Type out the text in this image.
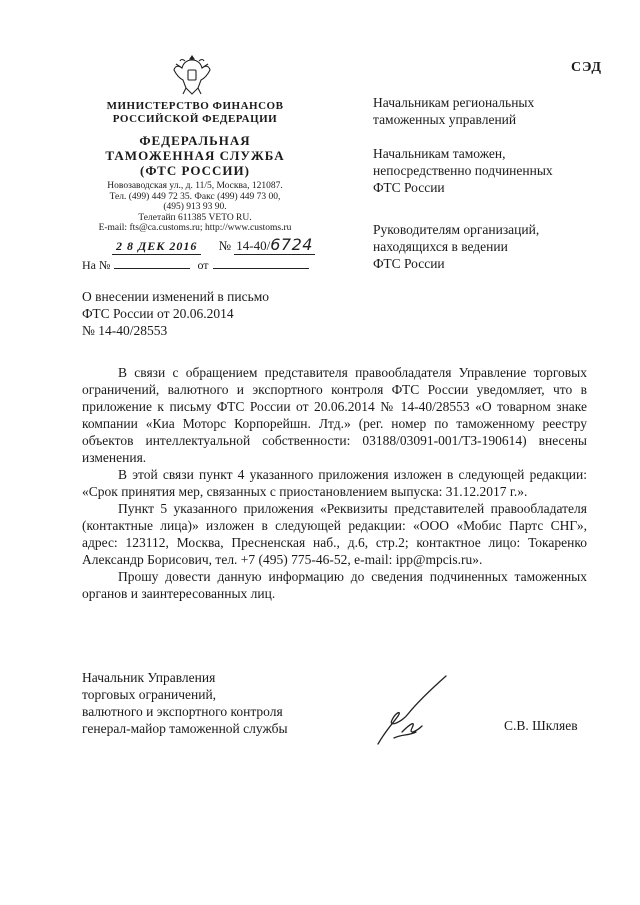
СЭД
МИНИСТЕРСТВО ФИНАНСОВ
РОССИЙСКОЙ ФЕДЕРАЦИИ
ФЕДЕРАЛЬНАЯ
ТАМОЖЕННАЯ СЛУЖБА
(ФТС РОССИИ)
Новозаводская ул., д. 11/5, Москва, 121087.
Тел. (499) 449 72 35. Факс (499) 449 73 00,
(495) 913 93 90.
Телетайп 611385 VETO RU.
E-mail: fts@ca.customs.ru; http://www.customs.ru
2 8 ДЕК 2016 № 14-40/6724
На №	от
Начальникам региональных
таможенных управлений
Начальникам таможен,
непосредственно подчиненных
ФТС России
Руководителям организаций,
находящихся в ведении
ФТС России
О внесении изменений в письмо
ФТС России от 20.06.2014
№ 14-40/28553

В связи с обращением представителя правообладателя Управление торговых ограничений, валютного и экспортного контроля ФТС России уведомляет, что в приложение к письму ФТС России от 20.06.2014 № 14-40/28553 «О товарном знаке компании «Киа Моторс Корпорейшн. Лтд.» (рег. номер по таможенному реестру объектов интеллектуальной собственности: 03188/03091-001/ТЗ-190614) внесены изменения.

В этой связи пункт 4 указанного приложения изложен в следующей редакции: «Срок принятия мер, связанных с приостановлением выпуска: 31.12.2017 г.».

Пункт 5 указанного приложения «Реквизиты представителей правообладателя (контактные лица)» изложен в следующей редакции: «ООО «Мобис Партс СНГ», адрес: 123112, Москва, Пресненская наб., д.6, стр.2; контактное лицо: Токаренко Александр Борисович, тел. +7 (495) 775-46-52, e-mail: ipp@mpcis.ru».

Прошу довести данную информацию до сведения подчиненных таможенных органов и заинтересованных лиц.

Начальник Управления
торговых ограничений,
валютного и экспортного контроля
генерал-майор таможенной службы	С.В. Шкляев
